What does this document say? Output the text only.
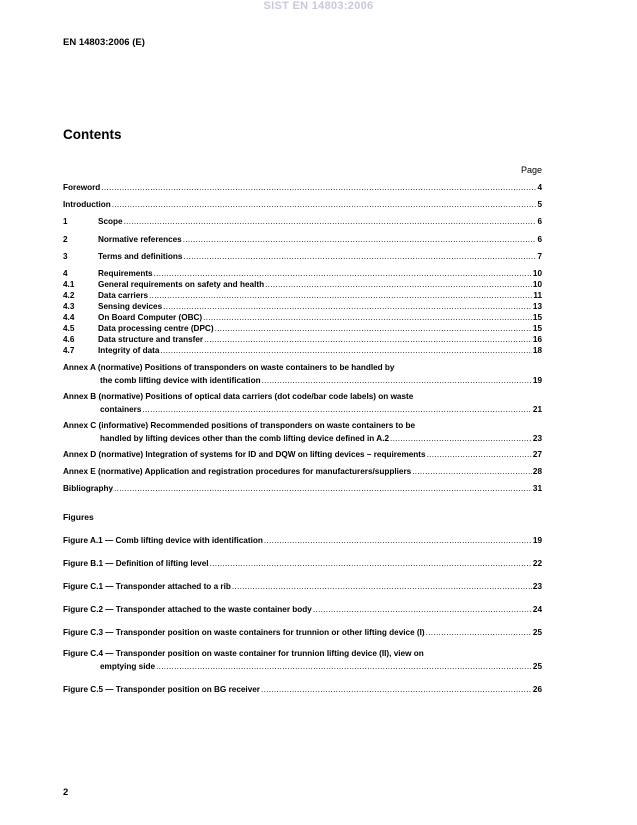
SIST EN 14803:2006
EN 14803:2006 (E)
Contents
Page
Foreword .....	4
Introduction .....	5
1	Scope .....	6
2	Normative references .....	6
3	Terms and definitions .....	7
4	Requirements .....	10
4.1	General requirements on safety and health .....	10
4.2	Data carriers .....	11
4.3	Sensing devices .....	13
4.4	On Board Computer (OBC) .....	15
4.5	Data processing centre (DPC) .....	15
4.6	Data structure and transfer .....	16
4.7	Integrity of data .....	18
Annex A (normative) Positions of transponders on waste containers to be handled by
the comb lifting device with identification .....	19
Annex B (normative) Positions of optical data carriers (dot code/bar code labels) on waste
containers .....	21
Annex C (informative) Recommended positions of transponders on waste containers to be
handled by lifting devices other than the comb lifting device defined in A.2 .....	23
Annex D (normative) Integration of systems for ID and DQW on lifting devices – requirements .....	27
Annex E (normative) Application and registration procedures for manufacturers/suppliers .....	28
Bibliography .....	31
Figures
Figure A.1 — Comb lifting device with identification .....	19
Figure B.1 — Definition of lifting level .....	22
Figure C.1 — Transponder attached to a rib .....	23
Figure C.2 — Transponder attached to the waste container body .....	24
Figure C.3 — Transponder position on waste containers for trunnion or other lifting device (I) .....	25
Figure C.4 — Transponder position on waste container for trunnion lifting device (II), view on
emptying side .....	25
Figure C.5 — Transponder position on BG receiver .....	26
2
